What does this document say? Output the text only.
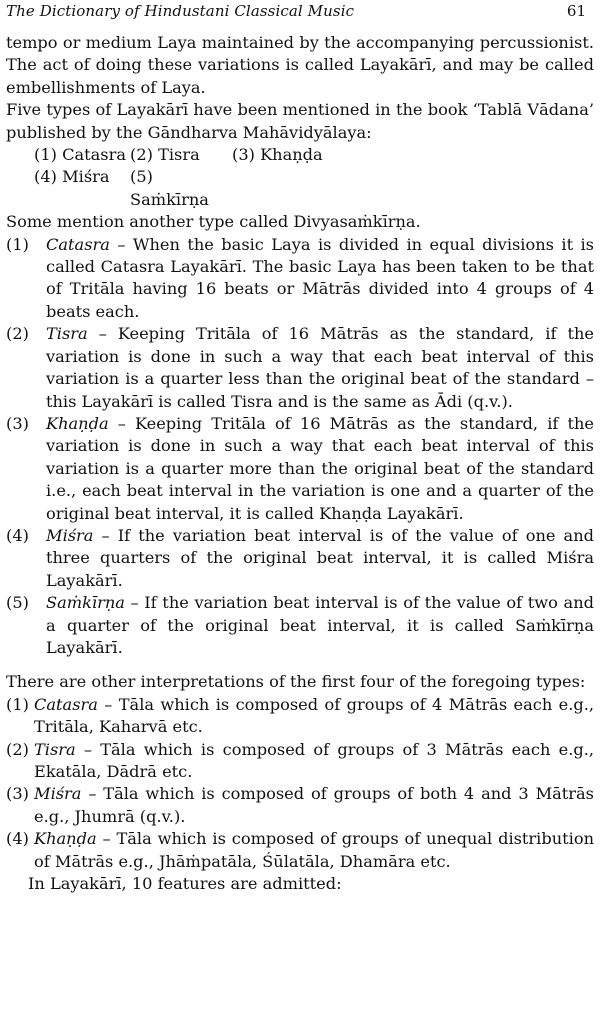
The Dictionary of Hindustani Classical Music	61

tempo or medium Laya maintained by the accompanying percussionist. The act of doing these variations is called Layakārī, and may be called embellishments of Laya.

Five types of Layakārī have been mentioned in the book ‘Tablā Vādana’ published by the Gāndharva Mahāvidyālaya:

(1) Catasra (2) Tisra	(3) Khaṇḍa
(4) Miśra	(5) Saṁkīrṇa

Some mention another type called Divyasaṁkīrṇa.

(1)	Catasra – When the basic Laya is divided in equal divisions it is called Catasra Layakārī. The basic Laya has been taken to be that of Tritāla having 16 beats or Mātrās divided into 4 groups of 4 beats each.
(2)	Tisra – Keeping Tritāla of 16 Mātrās as the standard, if the variation is done in such a way that each beat interval of this variation is a quarter less than the original beat of the standard – this Layakārī is called Tisra and is the same as Ādi (q.v.).
(3)	Khaṇḍa – Keeping Tritāla of 16 Mātrās as the standard, if the variation is done in such a way that each beat interval of this variation is a quarter more than the original beat of the standard i.e., each beat interval in the variation is one and a quarter of the original beat interval, it is called Khaṇḍa Layakārī.
(4)	Miśra – If the variation beat interval is of the value of one and three quarters of the original beat interval, it is called Miśra Layakārī.
(5)	Saṁkīrṇa – If the variation beat interval is of the value of two and a quarter of the original beat interval, it is called Saṁkīrṇa Layakārī.

There are other interpretations of the first four of the foregoing types:

(1) Catasra – Tāla which is composed of groups of 4 Mātrās each e.g., Tritāla, Kaharvā etc.
(2) Tisra – Tāla which is composed of groups of 3 Mātrās each e.g., Ekatāla, Dādrā etc.
(3) Miśra – Tāla which is composed of groups of both 4 and 3 Mātrās e.g., Jhumrā (q.v.).
(4) Khaṇḍa – Tāla which is composed of groups of unequal distribution of Mātrās e.g., Jhāṁpatāla, Śūlatāla, Dhamāra etc.

In Layakārī, 10 features are admitted:
